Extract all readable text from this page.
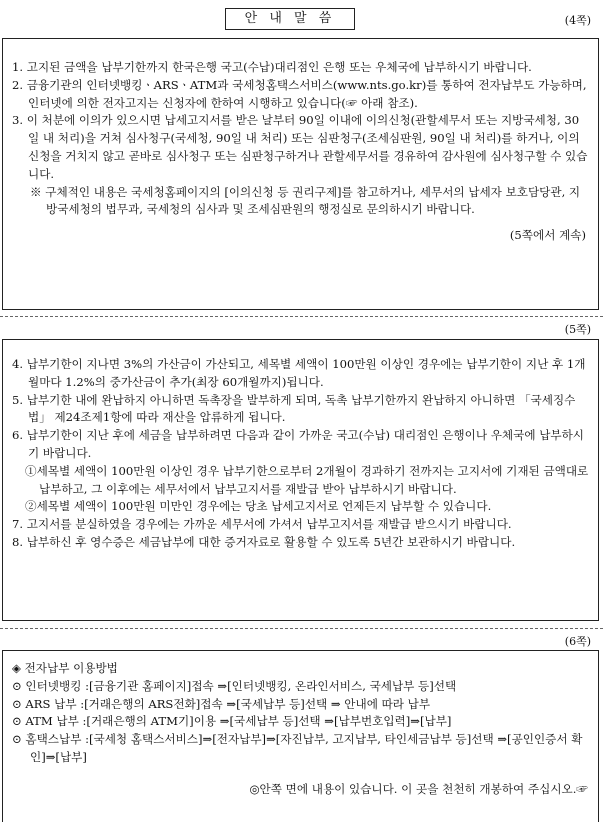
안 내 말 씀	(4쪽)

1. 고지된 금액을 납부기한까지 한국은행 국고(수납)대리점인 은행 또는 우체국에 납부하시기 바랍니다.

2. 금융기관의 인터넷뱅킹ㆍARSㆍATM과 국세청홈택스서비스(www.nts.go.kr)를 통하여 전자납부도 가능하며, 인터넷에 의한 전자고지는 신청자에 한하여 시행하고 있습니다(☞ 아래 참조).

3. 이 처분에 이의가 있으시면 납세고지서를 받은 날부터 90일 이내에 이의신청(관할세무서 또는 지방국세청, 30일 내 처리)을 거쳐 심사청구(국세청, 90일 내 처리) 또는 심판청구(조세심판원, 90일 내 처리)를 하거나, 이의신청을 거치지 않고 곧바로 심사청구 또는 심판청구하거나 관할세무서를 경유하여 감사원에 심사청구할 수 있습니다.

※ 구체적인 내용은 국세청홈페이지의 [이의신청 등 권리구제]를 참고하거나, 세무서의 납세자 보호담당관, 지방국세청의 법무과, 국세청의 심사과 및 조세심판원의 행정실로 문의하시기 바랍니다.

(5쪽에서 계속)

(5쪽)

4. 납부기한이 지나면 3%의 가산금이 가산되고, 세목별 세액이 100만원 이상인 경우에는 납부기한이 지난 후 1개월마다 1.2%의 중가산금이 추가(최장 60개월까지)됩니다.

5. 납부기한 내에 완납하지 아니하면 독촉장을 발부하게 되며, 독촉 납부기한까지 완납하지 아니하면 「국세징수법」 제24조제1항에 따라 재산을 압류하게 됩니다.

6. 납부기한이 지난 후에 세금을 납부하려면 다음과 같이 가까운 국고(수납) 대리점인 은행이나 우체국에 납부하시기 바랍니다.

①세목별 세액이 100만원 이상인 경우 납부기한으로부터 2개월이 경과하기 전까지는 고지서에 기재된 금액대로 납부하고, 그 이후에는 세무서에서 납부고지서를 재발급 받아 납부하시기 바랍니다.

②세목별 세액이 100만원 미만인 경우에는 당초 납세고지서로 언제든지 납부할 수 있습니다.

7. 고지서를 분실하였을 경우에는 가까운 세무서에 가셔서 납부고지서를 재발급 받으시기 바랍니다.

8. 납부하신 후 영수증은 세금납부에 대한 증거자료로 활용할 수 있도록 5년간 보관하시기 바랍니다.

(6쪽)

◈ 전자납부 이용방법

⊙ 인터넷뱅킹 :[금융기관 홈페이지]접속 ⇒[인터넷뱅킹, 온라인서비스, 국세납부 등]선택

⊙ ARS 납부 :[거래은행의 ARS전화]접속 ⇒[국세납부 등]선택 ⇒ 안내에 따라 납부

⊙ ATM 납부 :[거래은행의 ATM기]이용 ⇒[국세납부 등]선택 ⇒[납부번호입력]⇒[납부]

⊙ 홈택스납부 :[국세청 홈택스서비스]⇒[전자납부]⇒[자진납부, 고지납부, 타인세금납부 등]선택 ⇒[공인인증서 확인]⇒[납부]

◎안쪽 면에 내용이 있습니다. 이 곳을 천천히 개봉하여 주십시오.☞
